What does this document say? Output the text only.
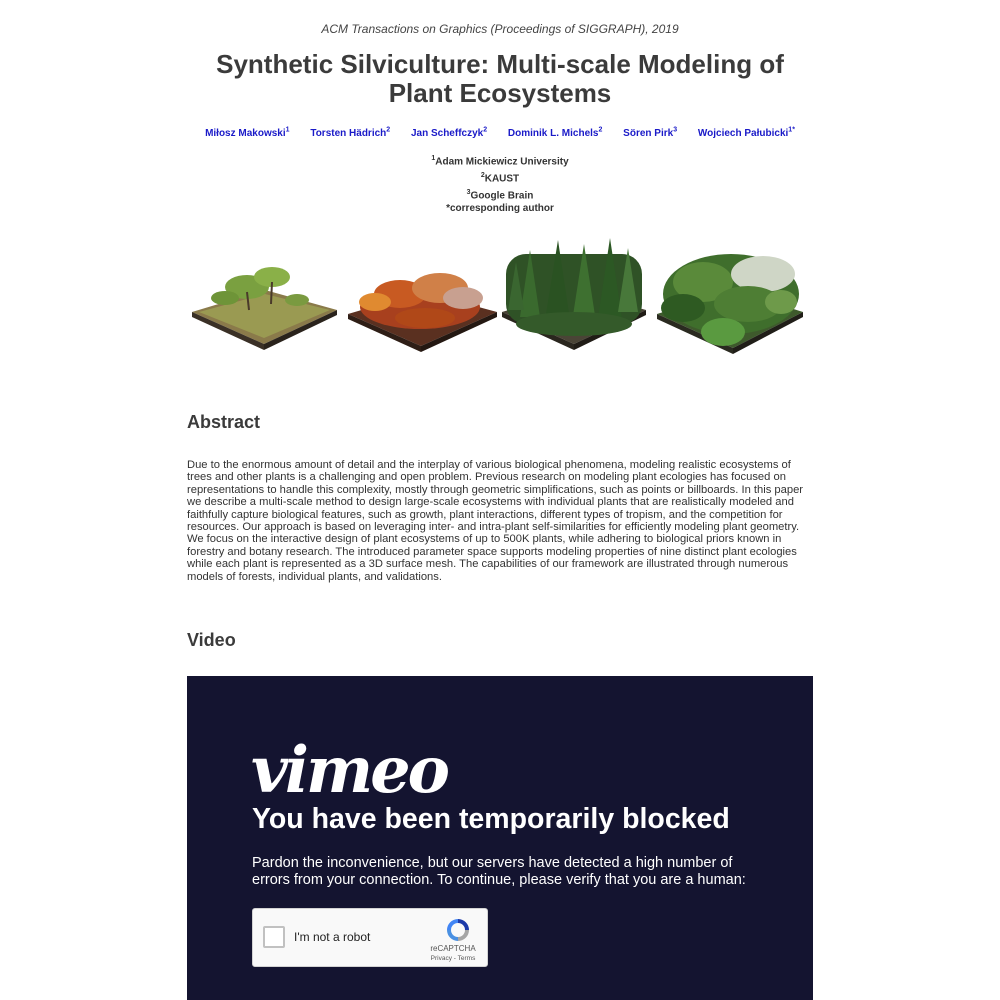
ACM Transactions on Graphics (Proceedings of SIGGRAPH), 2019
Synthetic Silviculture: Multi-scale Modeling of Plant Ecosystems
Miłosz Makowski$^1$ Torsten Hädrich$^2$ Jan Scheffczyk$^2$ Dominik L. Michels$^2$ Sören Pirk$^3$ Wojciech Pałubicki$^{1*}$
$^1$Adam Mickiewicz University
$^2$KAUST
$^3$Google Brain
*corresponding author
Abstract

Due to the enormous amount of detail and the interplay of various biological phenomena, modeling realistic ecosystems of trees and other plants is a challenging and open problem. Previous research on modeling plant ecologies has focused on representations to handle this complexity, mostly through geometric simplifications, such as points or billboards. In this paper we describe a multi-scale method to design large-scale ecosystems with individual plants that are realistically modeled and faithfully capture biological features, such as growth, plant interactions, different types of tropism, and the competition for resources. Our approach is based on leveraging inter- and intra-plant self-similarities for efficiently modeling plant geometry. We focus on the interactive design of plant ecosystems of up to 500K plants, while adhering to biological priors known in forestry and botany research. The introduced parameter space supports modeling properties of nine distinct plant ecologies while each plant is represented as a 3D surface mesh. The capabilities of our framework are illustrated through numerous models of forests, individual plants, and validations.

Video
vimeo
You have been temporarily blocked

Pardon the inconvenience, but our servers have detected a high number of errors from your connection. To continue, please verify that you are a human:

I'm not a robot
reCAPTCHA
Privacy - Terms
